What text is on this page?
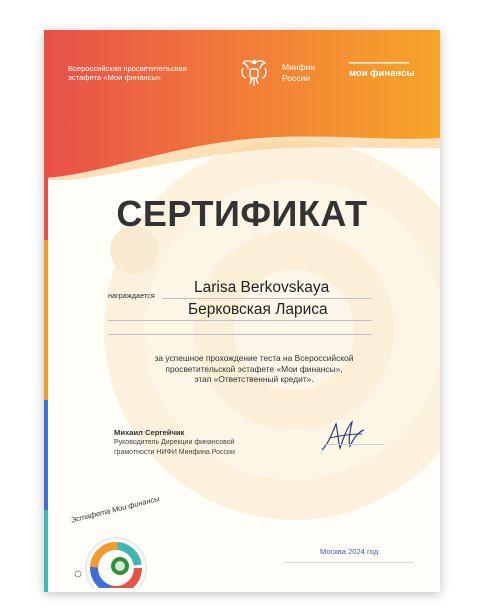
Всероссийская просветительская
эстафета «Мои финансы»
Минфин
России	мои финансы
СЕРТИФИКАТ
награждается	Larisa Berkovskaya
Берковская Лариса
за успешное прохождение теста на Всероссийской
просветительской эстафете «Мои финансы»,
этап «Ответственный кредит».
Михаил Сергейчик
Руководитель Дирекции финансовой
грамотности НИФИ Минфина России
Эстафета Мои финансы
Москва 2024 год
